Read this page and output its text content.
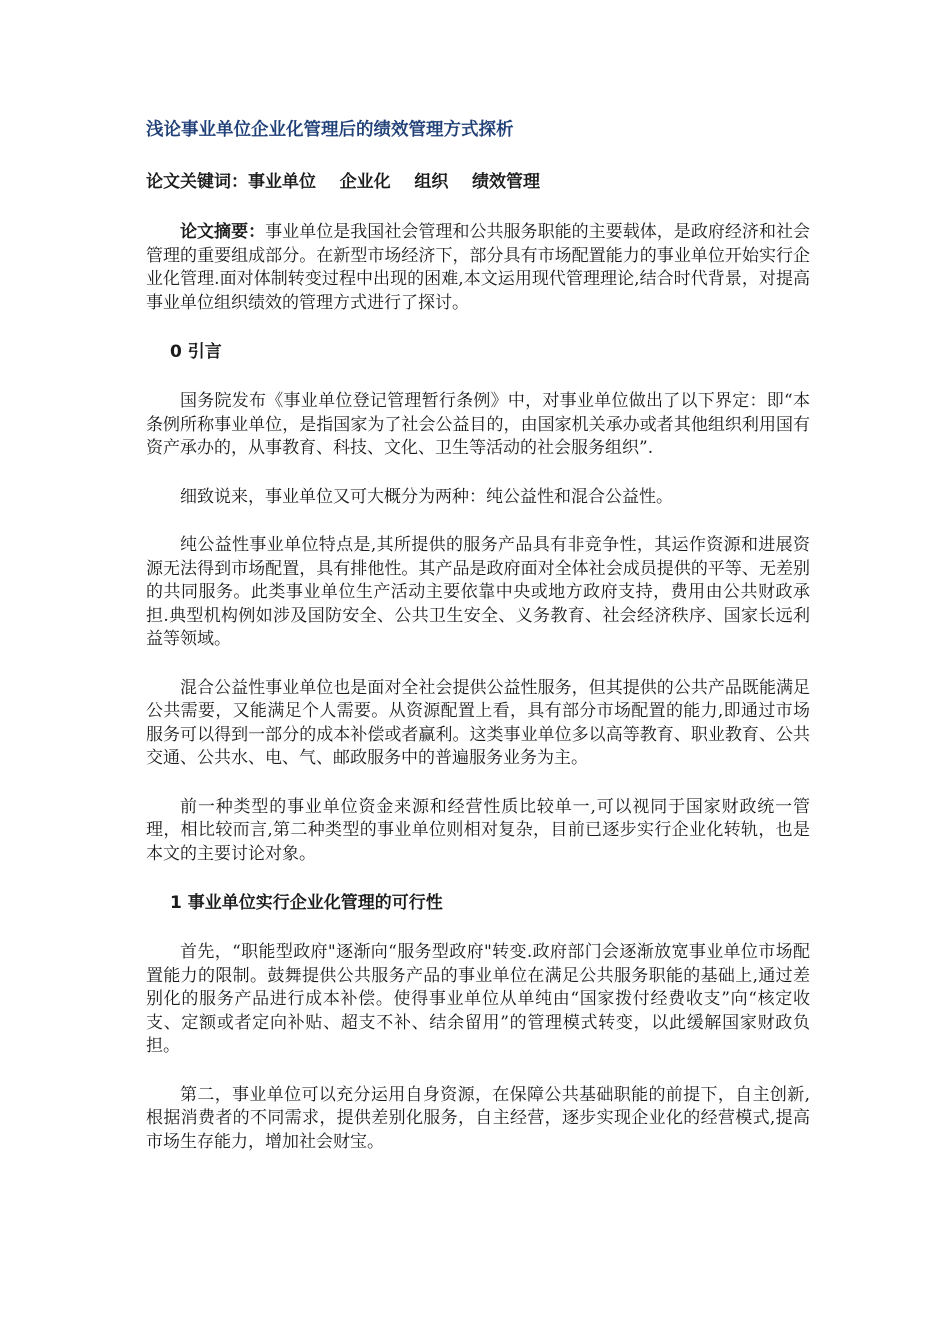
浅论事业单位企业化管理后的绩效管理方式探析
论文关键词：事业单位    企业化    组织    绩效管理
论文摘要：事业单位是我国社会管理和公共服务职能的主要载体，是政府经济和社会管理的重要组成部分。在新型市场经济下，部分具有市场配置能力的事业单位开始实行企业化管理.面对体制转变过程中出现的困难,本文运用现代管理理论,结合时代背景，对提高事业单位组织绩效的管理方式进行了探讨。
0 引言
国务院发布《事业单位登记管理暂行条例》中，对事业单位做出了以下界定：即“本条例所称事业单位，是指国家为了社会公益目的，由国家机关承办或者其他组织利用国有资产承办的，从事教育、科技、文化、卫生等活动的社会服务组织”.
细致说来，事业单位又可大概分为两种：纯公益性和混合公益性。
纯公益性事业单位特点是,其所提供的服务产品具有非竞争性，其运作资源和进展资源无法得到市场配置，具有排他性。其产品是政府面对全体社会成员提供的平等、无差别的共同服务。此类事业单位生产活动主要依靠中央或地方政府支持，费用由公共财政承担.典型机构例如涉及国防安全、公共卫生安全、义务教育、社会经济秩序、国家长远利益等领域。
混合公益性事业单位也是面对全社会提供公益性服务，但其提供的公共产品既能满足公共需要，又能满足个人需要。从资源配置上看，具有部分市场配置的能力,即通过市场服务可以得到一部分的成本补偿或者赢利。这类事业单位多以高等教育、职业教育、公共交通、公共水、电、气、邮政服务中的普遍服务业务为主。
前一种类型的事业单位资金来源和经营性质比较单一,可以视同于国家财政统一管理，相比较而言,第二种类型的事业单位则相对复杂，目前已逐步实行企业化转轨，也是本文的主要讨论对象。
1 事业单位实行企业化管理的可行性
首先，“职能型政府"逐渐向“服务型政府"转变.政府部门会逐渐放宽事业单位市场配置能力的限制。鼓舞提供公共服务产品的事业单位在满足公共服务职能的基础上,通过差别化的服务产品进行成本补偿。使得事业单位从单纯由“国家拨付经费收支”向“核定收支、定额或者定向补贴、超支不补、结余留用”的管理模式转变，以此缓解国家财政负担。
第二，事业单位可以充分运用自身资源，在保障公共基础职能的前提下，自主创新,根据消费者的不同需求，提供差别化服务，自主经营，逐步实现企业化的经营模式,提高市场生存能力，增加社会财宝。
